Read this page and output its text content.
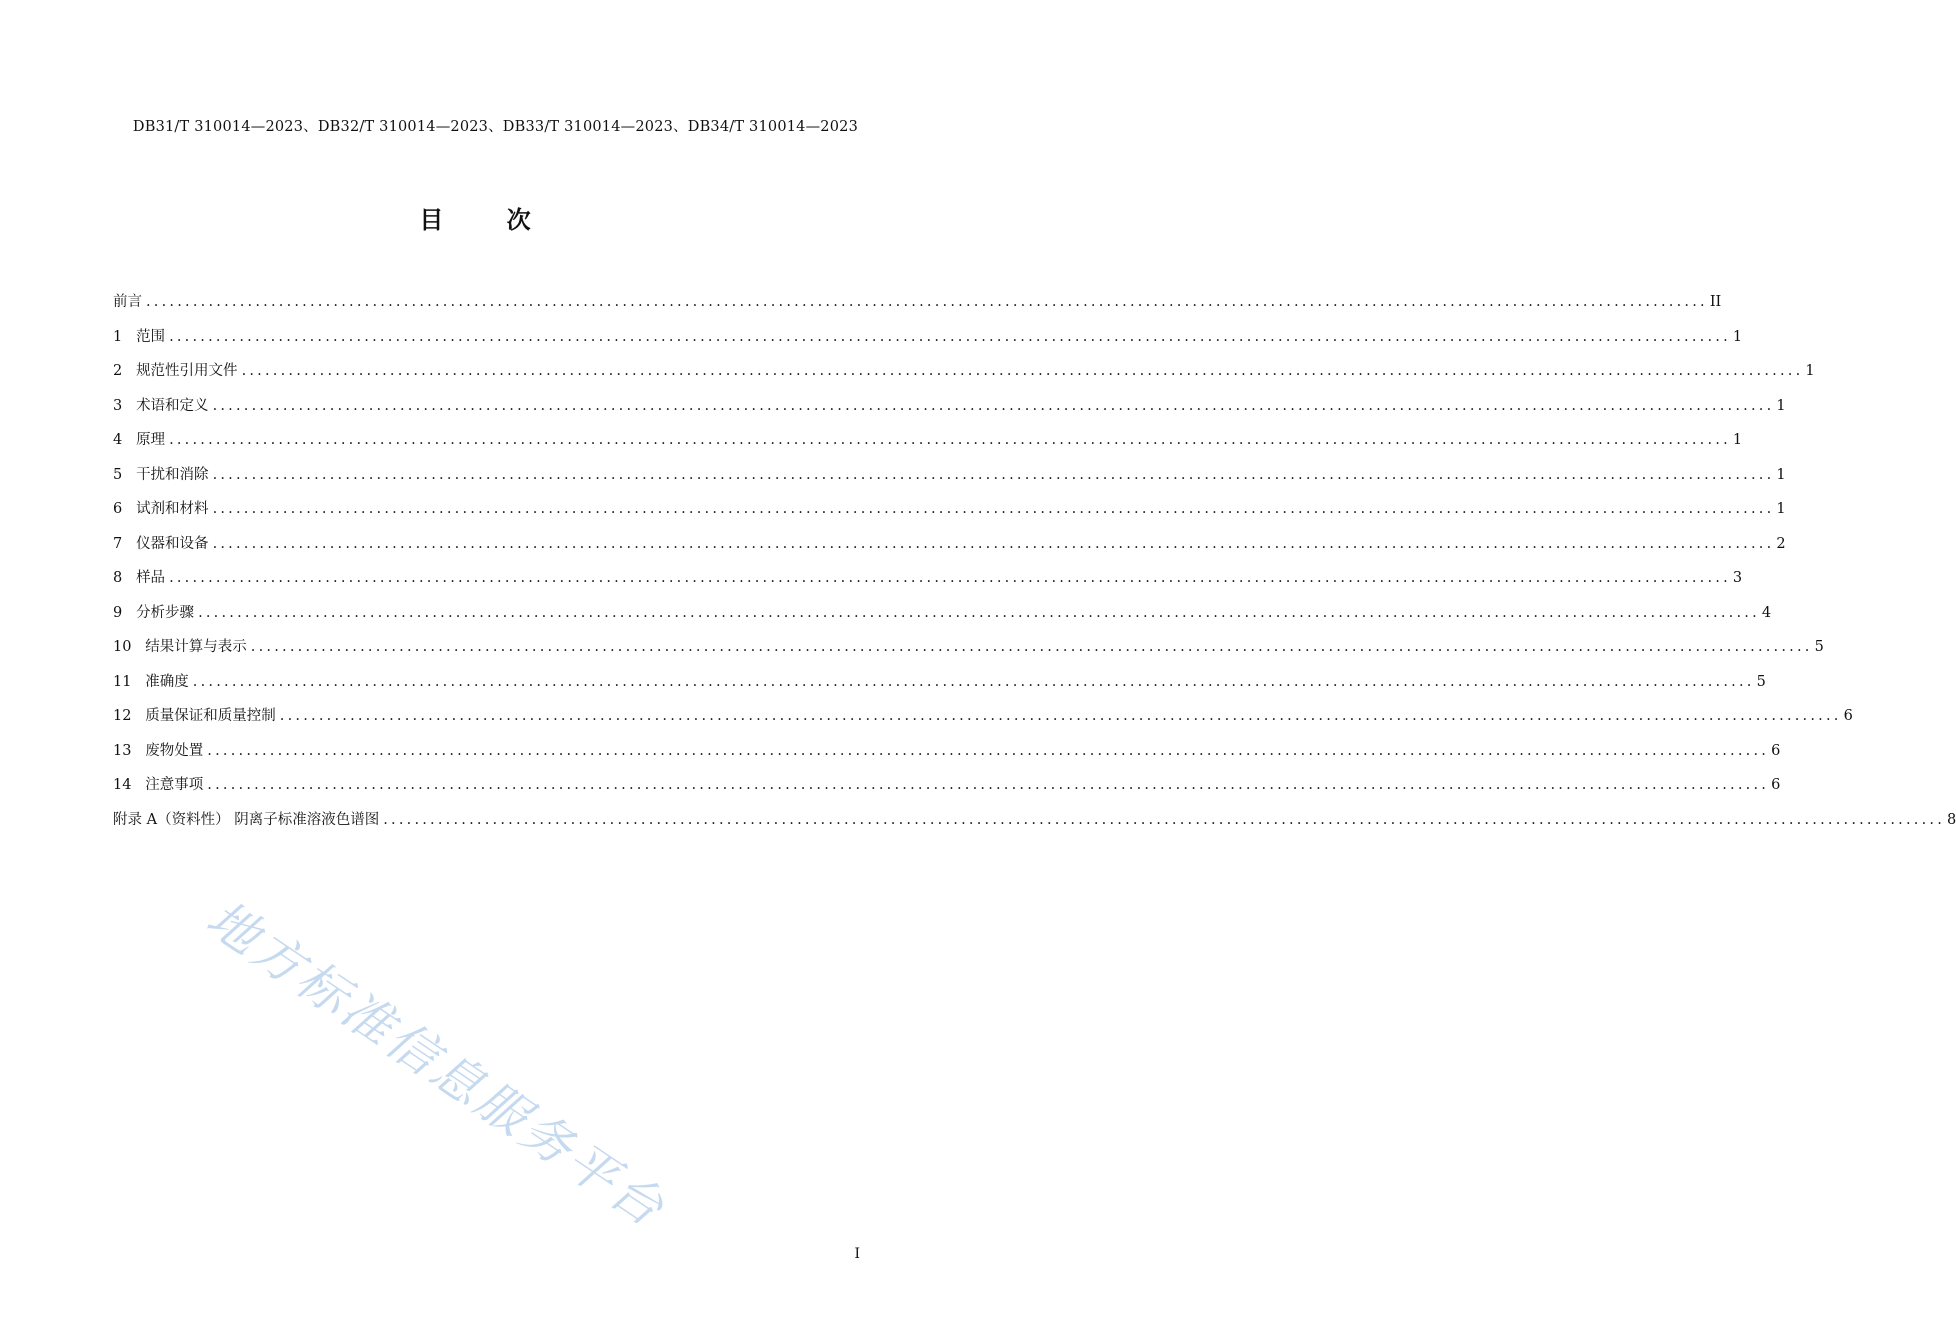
DB31/T 310014—2023、DB32/T 310014—2023、DB33/T 310014—2023、DB34/T 310014—2023
目 次
前言 ........................................................................................................................................................................................................ II
1 范围 ........................................................................................................................................................................................................ 1
2 规范性引用文件 ........................................................................................................................................................................................................ 1
3 术语和定义 ........................................................................................................................................................................................................ 1
4 原理 ........................................................................................................................................................................................................ 1
5 干扰和消除 ........................................................................................................................................................................................................ 1
6 试剂和材料 ........................................................................................................................................................................................................ 1
7 仪器和设备 ........................................................................................................................................................................................................ 2
8 样品 ........................................................................................................................................................................................................ 3
9 分析步骤 ........................................................................................................................................................................................................ 4
10 结果计算与表示 ........................................................................................................................................................................................................ 5
11 准确度 ........................................................................................................................................................................................................ 5
12 质量保证和质量控制 ........................................................................................................................................................................................................ 6
13 废物处置 ........................................................................................................................................................................................................ 6
14 注意事项 ........................................................................................................................................................................................................ 6
附录 A（资料性） 阴离子标准溶液色谱图 ........................................................................................................................................................................................................ 8
地方标准信息服务平台
I
